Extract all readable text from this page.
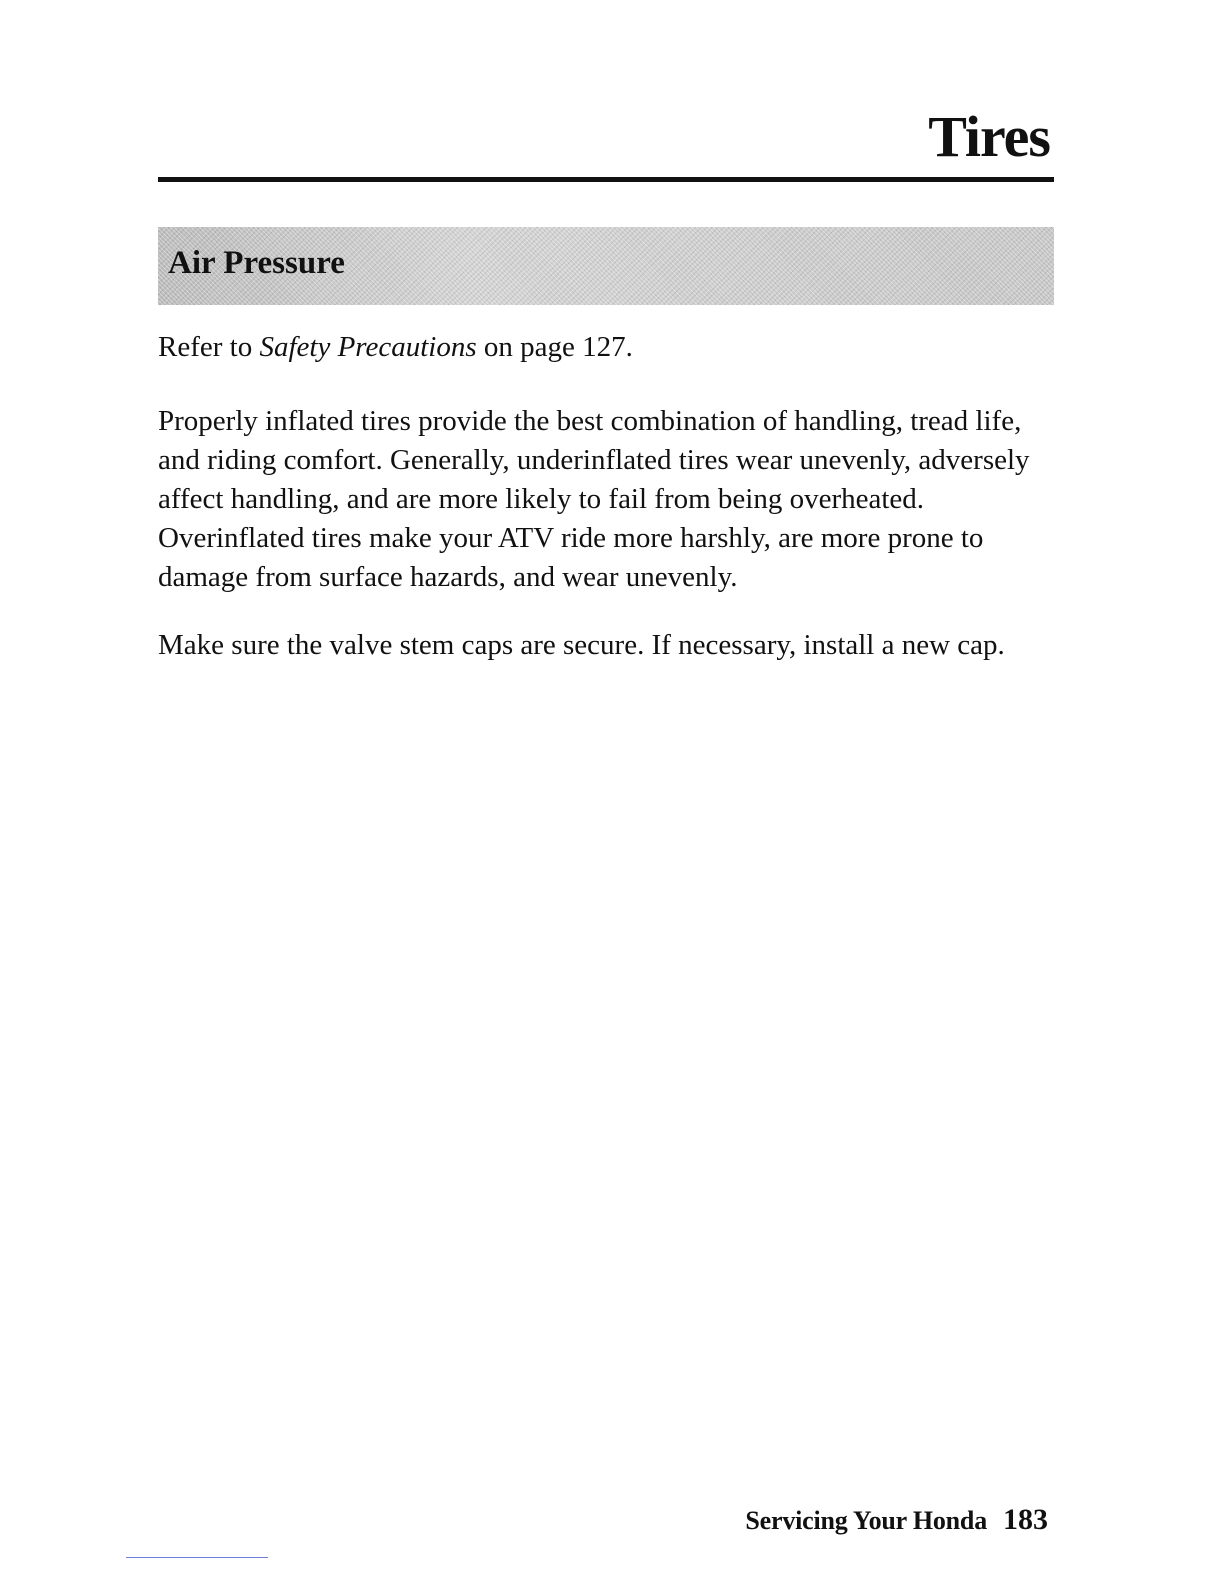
Tires
Air Pressure

Refer to Safety Precautions on page 127.

Properly inflated tires provide the best combination of handling, tread life, and riding comfort. Generally, underinflated tires wear unevenly, adversely affect handling, and are more likely to fail from being overheated. Overinflated tires make your ATV ride more harshly, are more prone to damage from surface hazards, and wear unevenly.

Make sure the valve stem caps are secure. If necessary, install a new cap.

Servicing Your Honda 183
